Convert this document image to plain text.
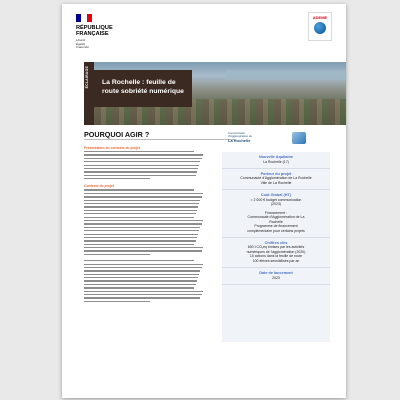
RÉPUBLIQUE
FRANÇAISE
Liberté
Égalité
Fraternité
ADEME
ÉCLAIRAGE La Rochelle : feuille de route sobriété numérique
POURQUOI AGIR ?
Présentation du contexte du projet
Contexte du projet
Communauté
d'Agglomération de
La Rochelle
Nouvelle Aquitaine
La Rochelle (17)
Porteur du projet
Communauté d'Agglomération de La Rochelle
Ville de La Rochelle
Coût Global (HT)
≈ 2 000 € budget communication
(2023)

Financement :
Communauté d'Agglomération de La
Rochelle
Programme de financement
complémentaire pour certains projets
Chiffres clés
600 t CO₂eq émises par les activités
numériques de l'agglomération (2020)
10 actions dans la feuille de route
100 élèves sensibilisés par an
Date de lancement
2023
